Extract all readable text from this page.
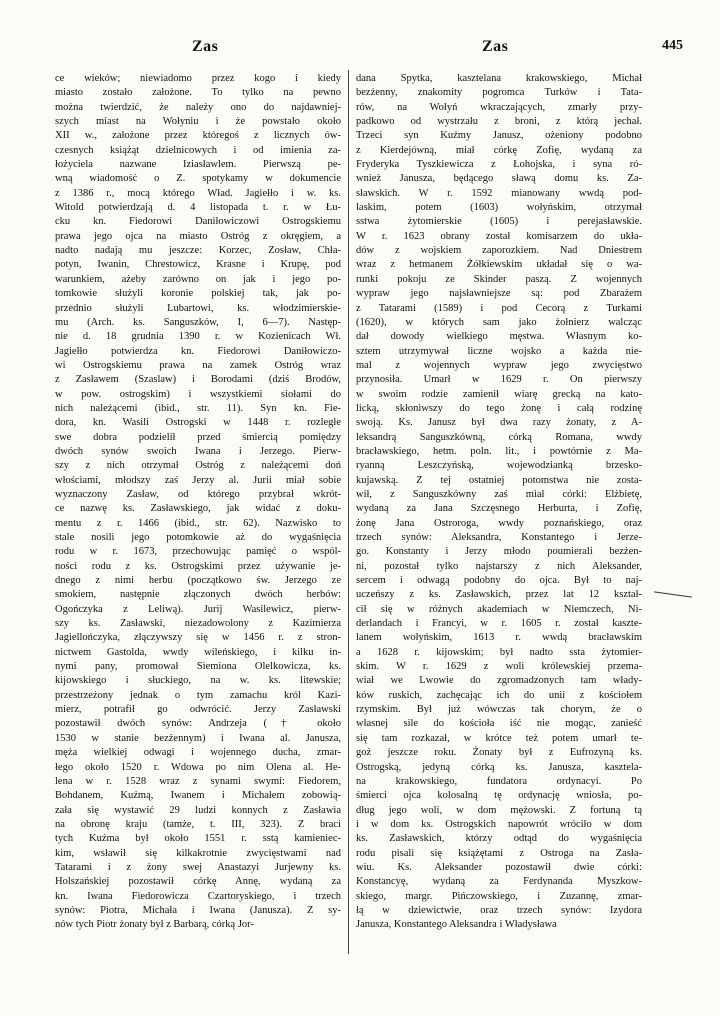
Zas	Zas	445
ce wieków; niewiadomo przez kogo i kiedy
miasto zostało założone. To tylko na pewno
można twierdzić, że należy ono do najdawniej-
szych miast na Wołyniu i że powstało około
XII w., założone przez któregoś z licznych ów-
czesnych książąt dzielnicowych i od imienia za-
łożyciela nazwane Iziasławlem. Pierwszą pe-
wną wiadomość o Z. spotykamy w dokumencie
z 1386 r., mocą którego Wład. Jagiełło i w. ks.
Witold potwierdzają d. 4 listopada t. r. w Łu-
cku kn. Fiedorowi Daniłowiczowi Ostrogskiemu
prawa jego ojca na miasto Ostróg z okręgiem, a
nadto nadają mu jeszcze: Korzec, Zosław, Chła-
potyn, Iwanin, Chrestowicz, Krasne i Krupę, pod
warunkiem, ażeby zarówno on jak i jego po-
tomkowie służyli koronie polskiej tak, jak po-
przednio służyli Lubartowi, ks. włodzimierskie-
mu (Arch. ks. Sanguszków, I, 6—7). Następ-
nie d. 18 grudnia 1390 r. w Kozienicach Wł.
Jagiełło potwierdza kn. Fiedorowi Daniłowiczo-
wi Ostrogskiemu prawa na zamek Ostróg wraz
z Zasławem (Szaslaw) i Borodami (dziś Brodów,
w pow. ostrogskim) i wszystkiemi siołami do
nich należącemi (ibid., str. 11). Syn kn. Fie-
dora, kn. Wasili Ostrogski w 1448 r. rozległe
swe dobra podzielił przed śmiercią pomiędzy
dwóch synów swoich Iwana i Jerzego. Pierw-
szy z nich otrzymał Ostróg z należącemi doń
włościami, młodszy zaś Jerzy al. Jurii miał sobie
wyznaczony Zasław, od którego przybrał wkrót-
ce nazwę ks. Zasławskiego, jak widać z doku-
mentu z r. 1466 (ibid., str. 62). Nazwisko to
stale nosili jego potomkowie aż do wygaśnięcia
rodu w r. 1673, przechowując pamięć o wspól-
ności rodu z ks. Ostrogskimi przez używanie je-
dnego z nimi herbu (początkowo św. Jerzego ze
smokiem, następnie złączonych dwóch herbów:
Ogończyka z Leliwą). Jurij Wasilewicz, pierw-
szy ks. Zasławski, niezadowolony z Kazimierza
Jagiellończyka, złączywszy się w 1456 r. z stron-
nictwem Gastolda, wwdy wileńskiego, i kilku in-
nymi pany, promował Siemiona Olelkowicza, ks.
kijowskiego i słuckiego, na w. ks. litewskie;
przestrzeżony jednak o tym zamachu król Kazi-
mierz, potrafił go odwrócić. Jerzy Zasławski
pozostawił dwóch synów: Andrzeja († około
1530 w stanie bezżennym) i Iwana al. Janusza,
męża wielkiej odwagi i wojennego ducha, zmar-
łego około 1520 r. Wdowa po nim Olena al. He-
lena w r. 1528 wraz z synami swymi: Fiedorem,
Bohdanem, Kuźmą, Iwanem i Michałem zobowią-
zała się wystawić 29 ludzi konnych z Zasławia
na obronę kraju (tamże, t. III, 323). Z braci
tych Kuźma był około 1551 r. sstą kamieniec-
kim, wsławił się kilkakrotnie zwycięstwami nad
Tatarami i z żony swej Anastazyi Jurjewny ks.
Holszańskiej pozostawił córkę Annę, wydaną za
kn. Iwana Fiedorowicza Czartoryskiego, i trzech
synów: Piotra, Michała i Iwana (Janusza). Z sy-
nów tych Piotr żonaty był z Barbarą, córką Jor-
dana Spytka, kasztelana krakowskiego, Michał
bezżenny, znakomity pogromca Turków i Tata-
rów, na Wołyń wkraczających, zmarły przy-
padkowo od wystrzału z broni, z którą jechał.
Trzeci syn Kuźmy Janusz, ożeniony podobno
z Kierdejówną, miał córkę Zofię, wydaną za
Fryderyka Tyszkiewicza z Łohojska, i syna ró-
wnież Janusza, będącego sławą domu ks. Za-
sławskich. W r. 1592 mianowany wwdą pod-
laskim, potem (1603) wołyńskim, otrzymał
sstwa żytomierskie (1605) i perejasławskie.
W r. 1623 obrany został komisarzem do ukła-
dów z wojskiem zaporozkiem. Nad Dniestrem
wraz z hetmanem Żółkiewskim układał się o wa-
runki pokoju ze Skinder paszą. Z wojennych
wypraw jego najsławniejsze są: pod Zbarażem
z Tatarami (1589) i pod Cecorą z Turkami
(1620), w których sam jako żołnierz walcząc
dał dowody wielkiego męstwa. Własnym ko-
sztem utrzymywał liczne wojsko a każda nie-
mal z wojennych wypraw jego zwycięstwo
przynosiła. Umarł w 1629 r. On pierwszy
w swoim rodzie zamienił wiarę grecką na kato-
licką, skłoniwszy do tego żonę i całą rodzinę
swoją. Ks. Janusz był dwa razy żonaty, z A-
leksandrą Sanguszkówną, córką Romana, wwdy
bracławskiego, hetm. poln. lit., i powtórnie z Ma-
ryanną Leszczyńską, wojewodzianką brzesko-
kujawską. Z tej ostatniej potomstwa nie zosta-
wił, z Sanguszkówny zaś miał córki: Elżbietę,
wydaną za Jana Szczęsnego Herburta, i Zofię,
żonę Jana Ostroroga, wwdy poznańskiego, oraz
trzech synów: Aleksandra, Konstantego i Jerze-
go. Konstanty i Jerzy młodo poumierali bezżen-
ni, pozostał tylko najstarszy z nich Aleksander,
sercem i odwagą podobny do ojca. Był to naj-
uczeńszy z ks. Zasławskich, przez lat 12 kształ-
cił się w różnych akademiach w Niemczech, Ni-
derlandach i Francyi, w r. 1605 r. został kaszte-
lanem wołyńskim, 1613 r. wwdą bracławskim
a 1628 r. kijowskim; był nadto ssta żytomier-
skim. W r. 1629 z woli królewskiej przema-
wiał we Lwowie do zgromadzonych tam włady-
ków ruskich, zachęcając ich do unii z kościołem
rzymskim. Był już wówczas tak chorym, że o
własnej sile do kościoła iść nie mogąc, zanieść
się tam rozkazał, w krótce też potem umarł te-
goż jeszcze roku. Żonaty był z Eufrozyną ks.
Ostrogską, jedyną córką ks. Janusza, kasztela-
na krakowskiego, fundatora ordynacyi. Po
śmierci ojca kolosalną tę ordynację wniosła, po-
dług jego woli, w dom mężowski. Z fortuną tą
i w dom ks. Ostrogskich napowrót wróciło w dom
ks. Zasławskich, którzy odtąd do wygaśnięcia
rodu pisali się książętami z Ostroga na Zasła-
wiu. Ks. Aleksander pozostawił dwie córki:
Konstancyę, wydaną za Ferdynanda Myszkow-
skiego, margr. Pińczowskiego, i Zuzannę, zmar-
łą w dziewictwie, oraz trzech synów: Izydora
Janusza, Konstantego Aleksandra i Władysława
